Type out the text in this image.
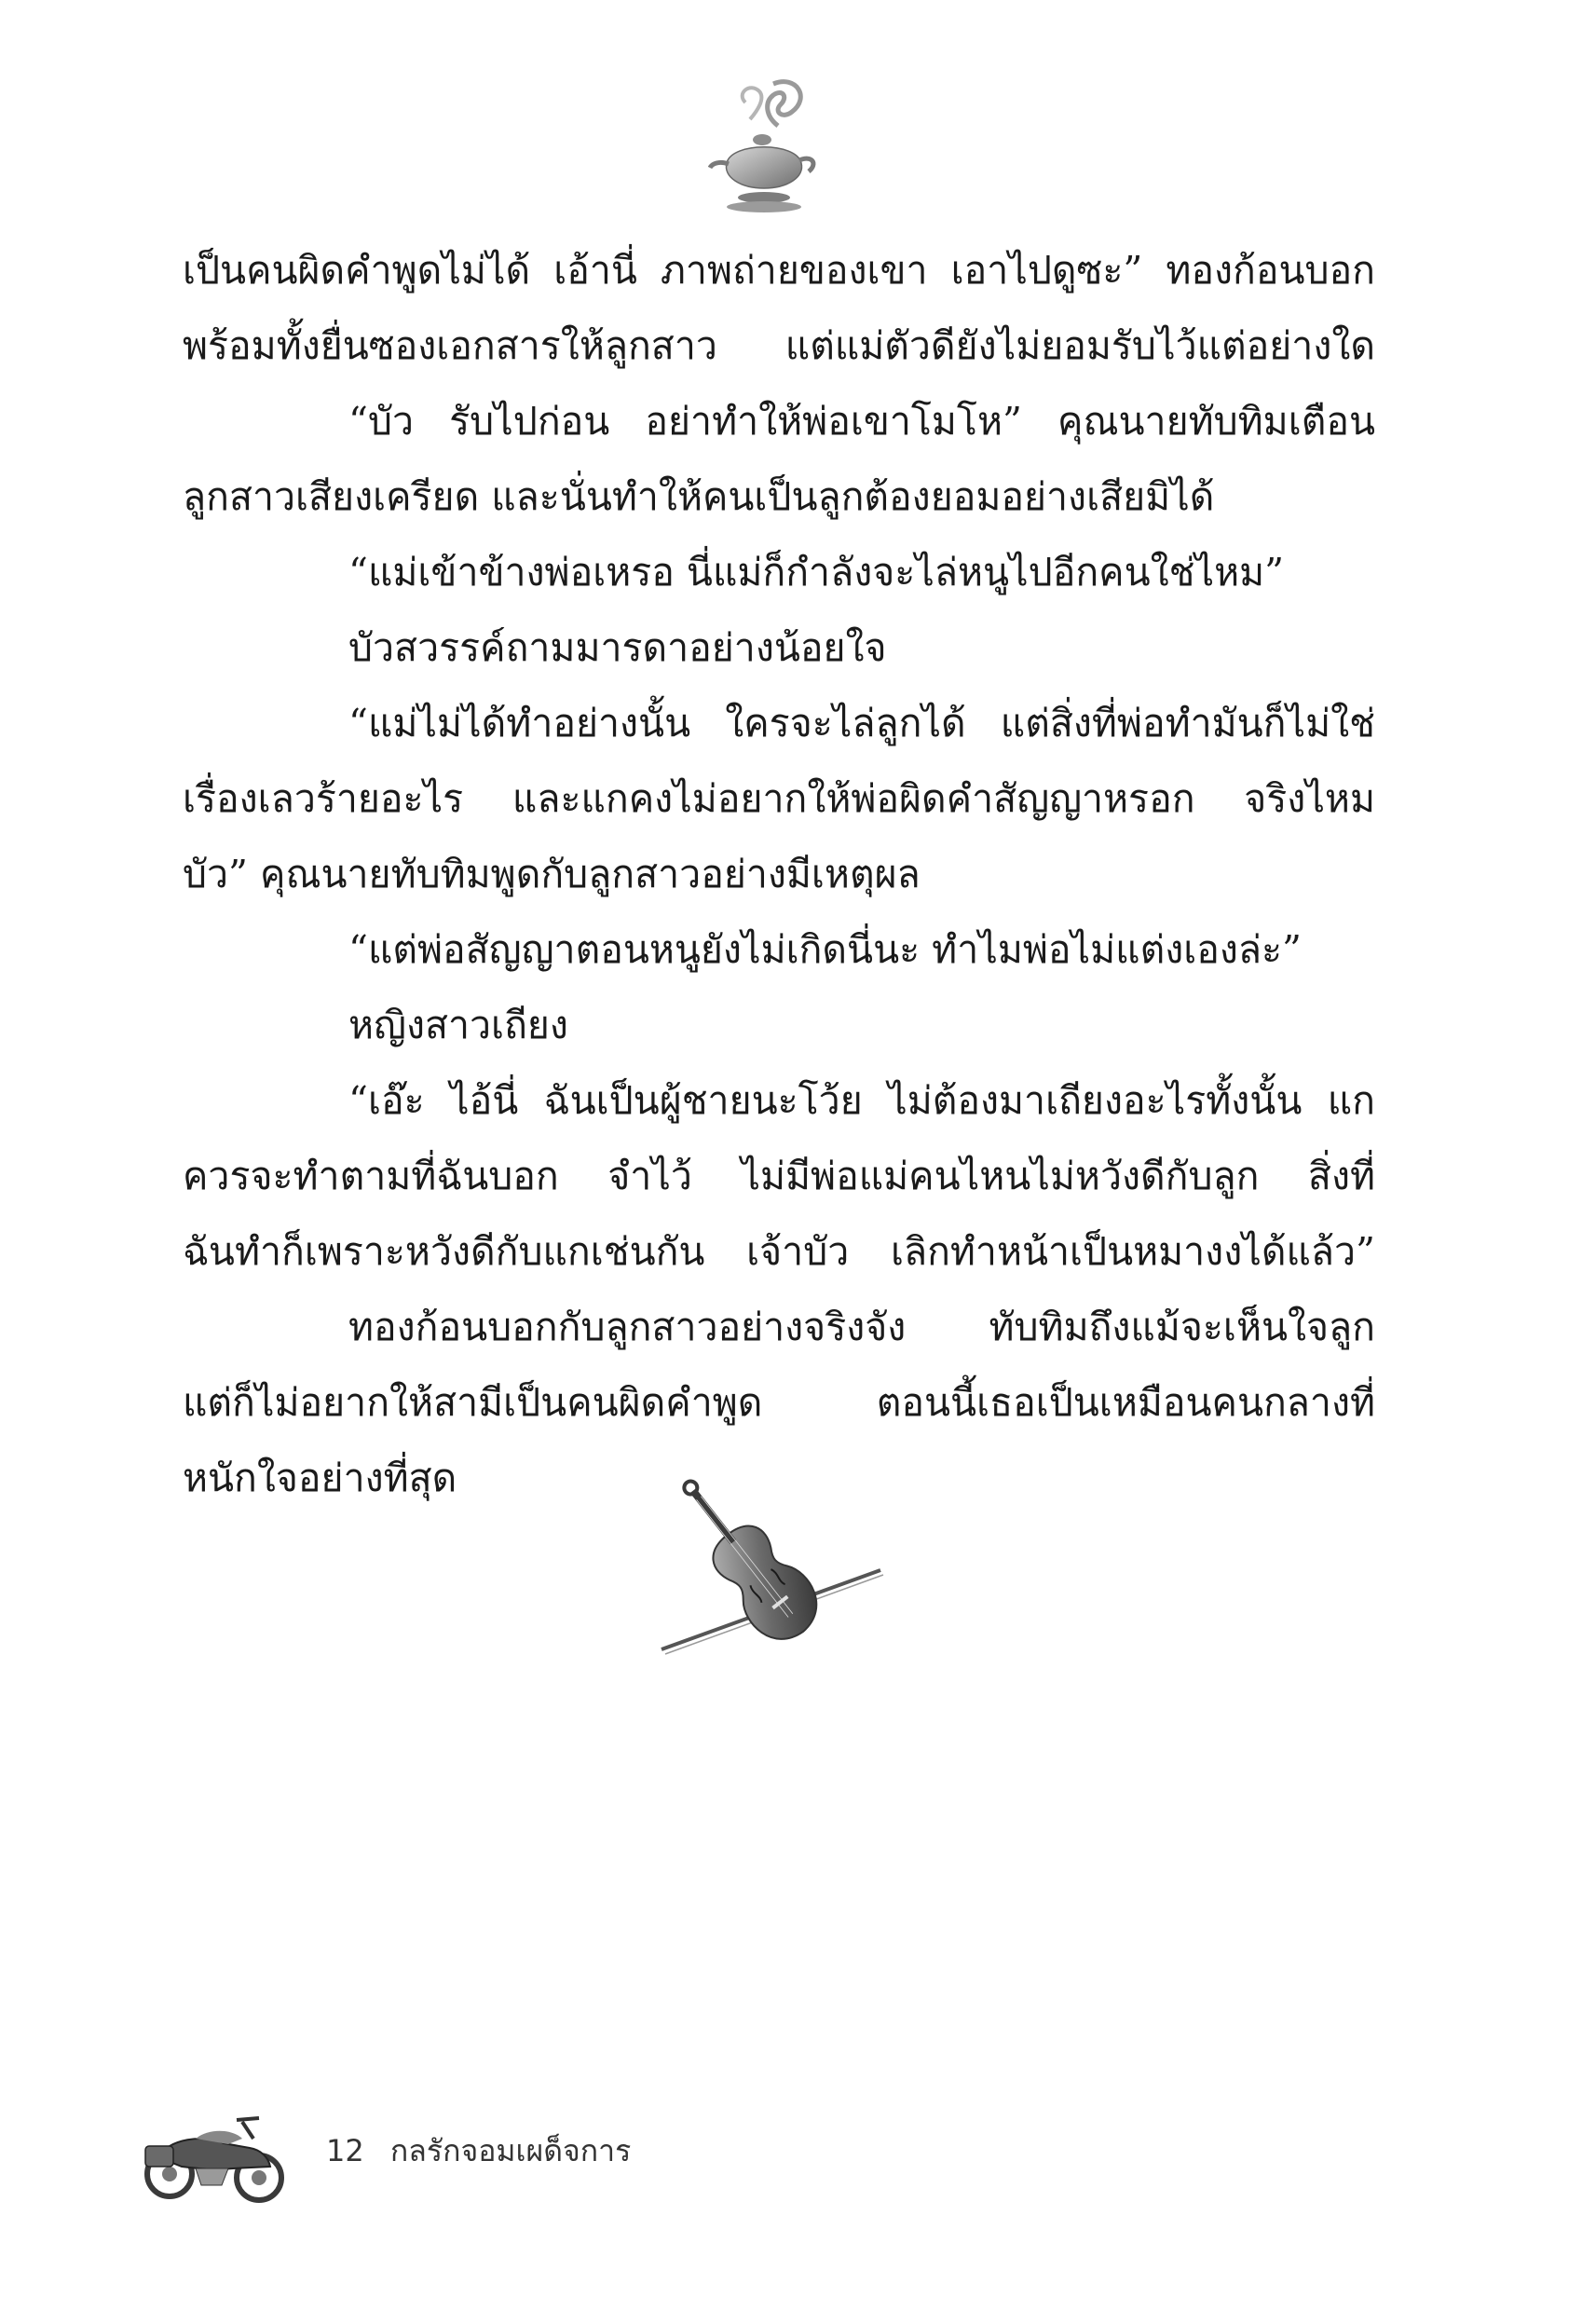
เป็นคนผิดคำพูดไม่ได้ เอ้านี่ ภาพถ่ายของเขา เอาไปดูซะ” ทองก้อนบอก
พร้อมทั้งยื่นซองเอกสารให้ลูกสาว แต่แม่ตัวดียังไม่ยอมรับไว้แต่อย่างใด
“บัว รับไปก่อน อย่าทำให้พ่อเขาโมโห” คุณนายทับทิมเตือน
ลูกสาวเสียงเครียด และนั่นทำให้คนเป็นลูกต้องยอมอย่างเสียมิได้
“แม่เข้าข้างพ่อเหรอ นี่แม่ก็กำลังจะไล่หนูไปอีกคนใช่ไหม”
บัวสวรรค์ถามมารดาอย่างน้อยใจ
“แม่ไม่ได้ทำอย่างนั้น ใครจะไล่ลูกได้ แต่สิ่งที่พ่อทำมันก็ไม่ใช่
เรื่องเลวร้ายอะไร และแกคงไม่อยากให้พ่อผิดคำสัญญาหรอก จริงไหม
บัว” คุณนายทับทิมพูดกับลูกสาวอย่างมีเหตุผล
“แต่พ่อสัญญาตอนหนูยังไม่เกิดนี่นะ ทำไมพ่อไม่แต่งเองล่ะ”
หญิงสาวเถียง
“เอ๊ะ ไอ้นี่ ฉันเป็นผู้ชายนะโว้ย ไม่ต้องมาเถียงอะไรทั้งนั้น แก
ควรจะทำตามที่ฉันบอก จำไว้ ไม่มีพ่อแม่คนไหนไม่หวังดีกับลูก สิ่งที่
ฉันทำก็เพราะหวังดีกับแกเช่นกัน เจ้าบัว เลิกทำหน้าเป็นหมางงได้แล้ว”
ทองก้อนบอกกับลูกสาวอย่างจริงจัง ทับทิมถึงแม้จะเห็นใจลูก
แต่ก็ไม่อยากให้สามีเป็นคนผิดคำพูด ตอนนี้เธอเป็นเหมือนคนกลางที่
หนักใจอย่างที่สุด
12 กลรักจอมเผด็จการ
